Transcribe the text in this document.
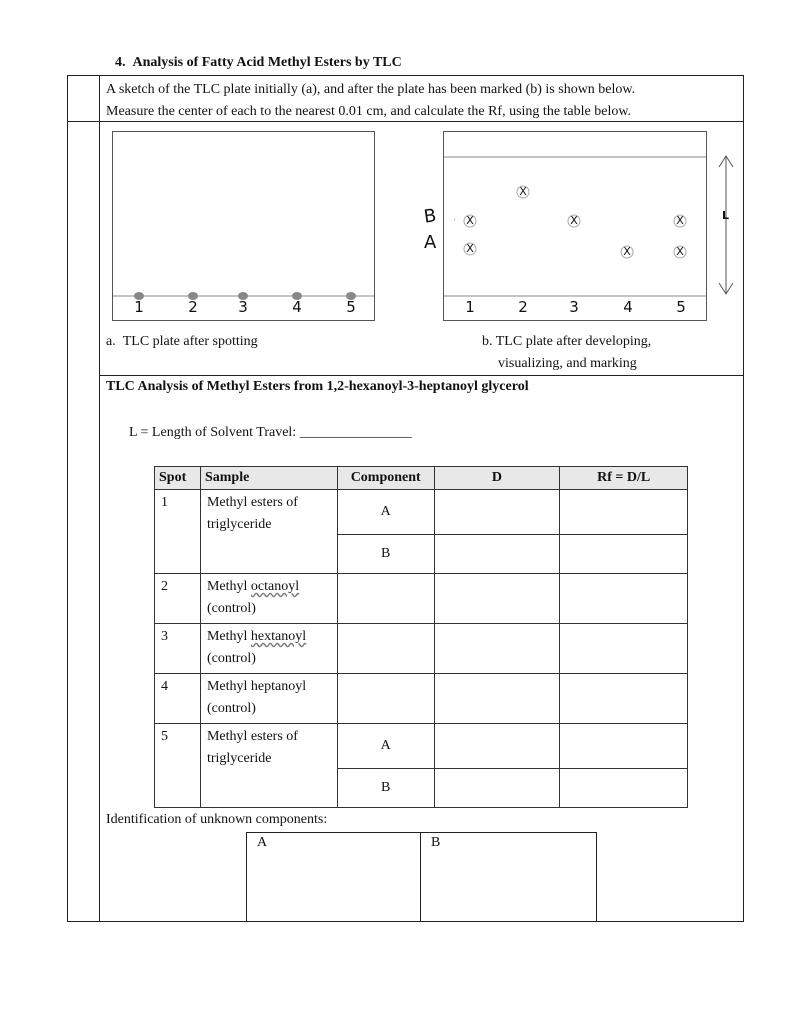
4.  Analysis of Fatty Acid Methyl Esters by TLC
A sketch of the TLC plate initially (a), and after the plate has been marked (b) is shown below.
Measure the center of each to the nearest 0.01 cm, and calculate the Rf, using the table below.
1	2	3	4	5
a.  TLC plate after spotting
X
X	X	X
X	X	X
1	2	3	4	5
B
A
·	L
b. TLC plate after developing,
visualizing, and marking
TLC Analysis of Methyl Esters from 1,2-hexanoyl-3-heptanoyl glycerol
L = Length of Solvent Travel: ________________
Spot	Sample	Component	D	Rf = D/L
1	Methyl esters of
triglyceride	A		
		B		
2	Methyl octanoyl
(control)			

3	Methyl hextanoyl
(control)			

4	Methyl heptanoyl
(control)			

5	Methyl esters of
triglyceride	A		
		B		
Identification of unknown components:
A	B
